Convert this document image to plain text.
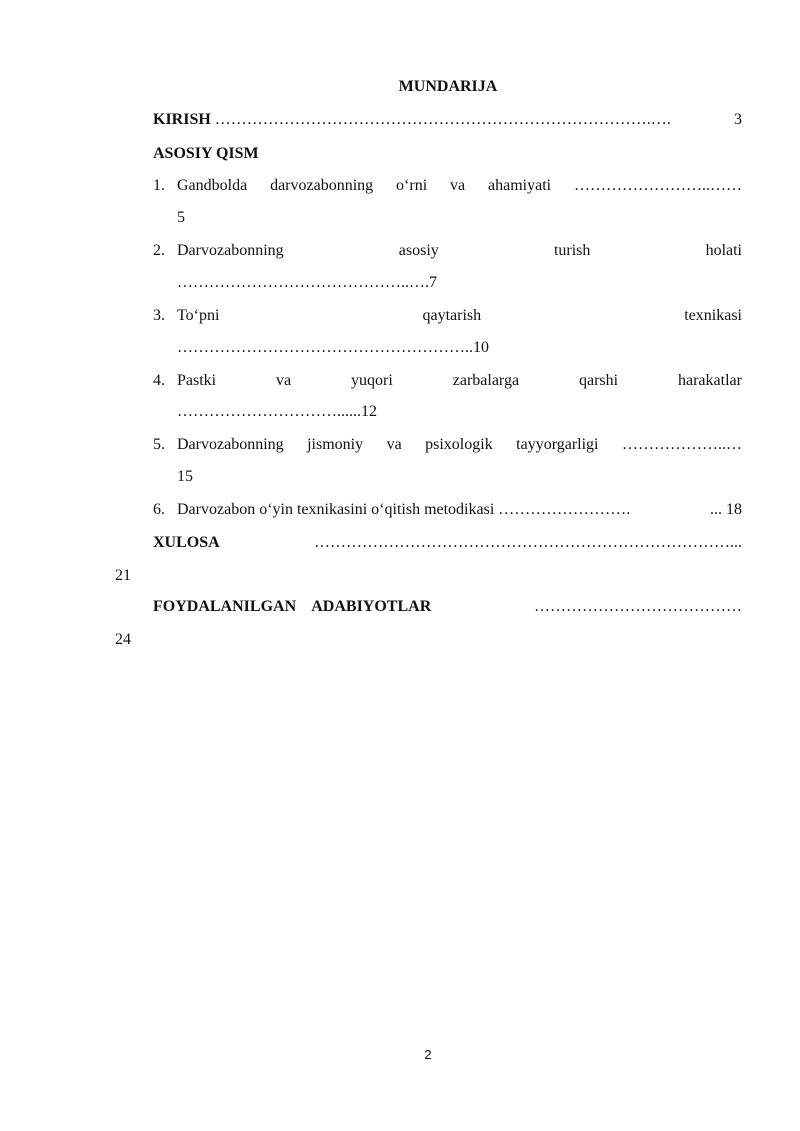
MUNDARIJA
KIRISH ……………………………………………………………………….….	3
ASOSIY QISM
1. Gandbolda darvozabonning o‘rni va ahamiyati ……………………..……
5
2. Darvozabonning	asosiy	turish	holati
……………………………………..….7
3. To‘pni	qaytarish	texnikasi
………………………………………………..10
4. Pastki	va	yuqori	zarbalarga	qarshi	harakatlar
…………………………......12
5. Darvozabonning jismoniy va psixologik tayyorgarligi ………………..…
15
6. Darvozabon o‘yin texnikasini o‘qitish metodikasi …………………….	... 18
XULOSA	……………………………………………………………………...
21
FOYDALANILGAN ADABIYOTLAR	…………………………………
24
2
